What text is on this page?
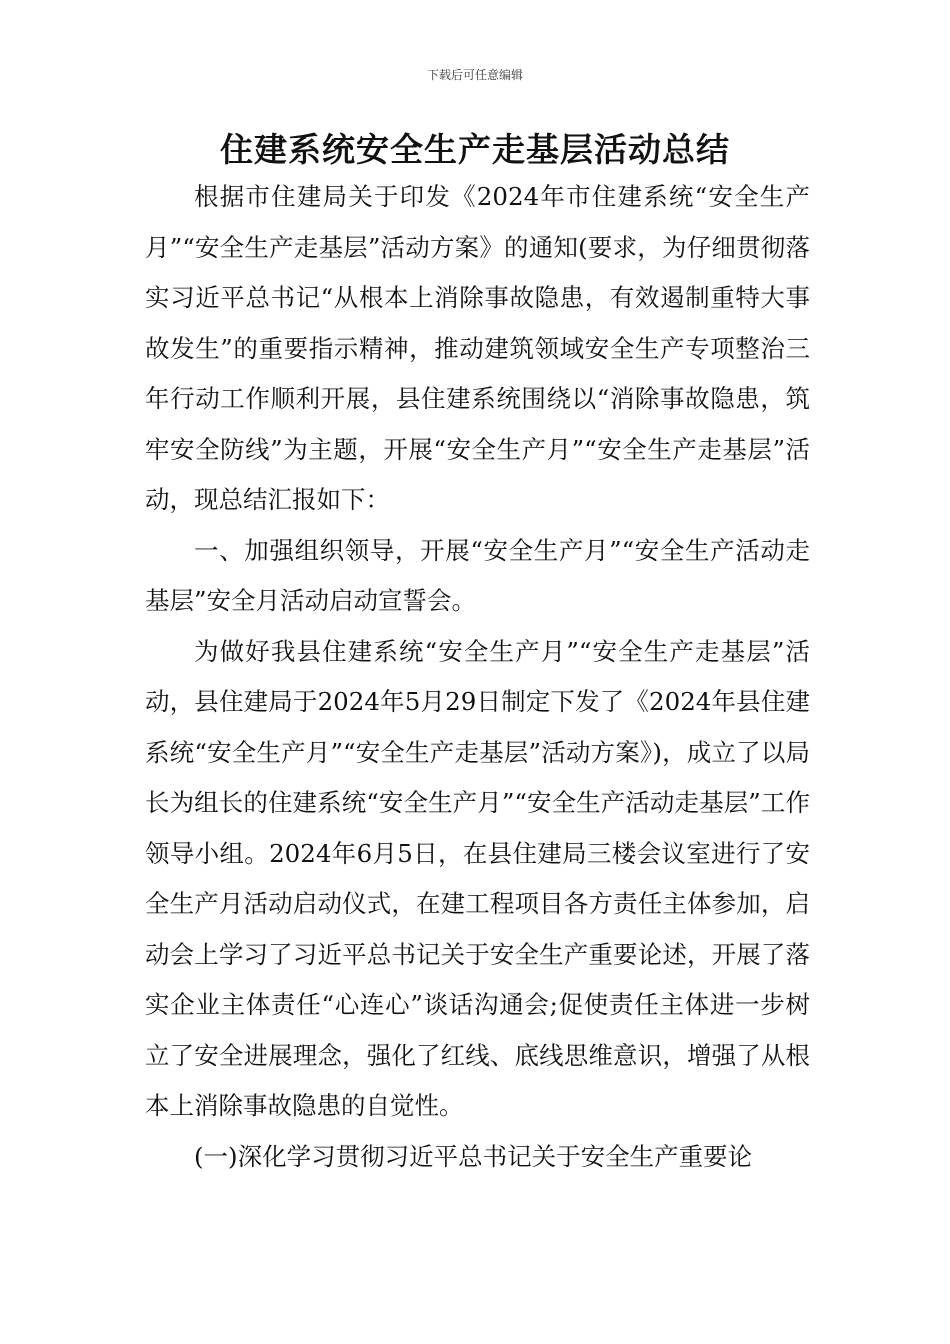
下载后可任意编辑
住建系统安全生产走基层活动总结

根据市住建局关于印发《2024年市住建系统“安全生产月”“安全生产走基层”活动方案》的通知(要求，为仔细贯彻落实习近平总书记“从根本上消除事故隐患，有效遏制重特大事故发生”的重要指示精神，推动建筑领域安全生产专项整治三年行动工作顺利开展，县住建系统围绕以“消除事故隐患，筑牢安全防线”为主题，开展“安全生产月”“安全生产走基层”活动，现总结汇报如下：

一、加强组织领导，开展“安全生产月”“安全生产活动走基层”安全月活动启动宣誓会。

为做好我县住建系统“安全生产月”“安全生产走基层”活动，县住建局于2024年5月29日制定下发了《2024年县住建系统“安全生产月”“安全生产走基层”活动方案》)，成立了以局长为组长的住建系统“安全生产月”“安全生产活动走基层”工作领导小组。2024年6月5日，在县住建局三楼会议室进行了安全生产月活动启动仪式，在建工程项目各方责任主体参加，启动会上学习了习近平总书记关于安全生产重要论述，开展了落实企业主体责任“心连心”谈话沟通会;促使责任主体进一步树立了安全进展理念，强化了红线、底线思维意识，增强了从根本上消除事故隐患的自觉性。

(一)深化学习贯彻习近平总书记关于安全生产重要论
